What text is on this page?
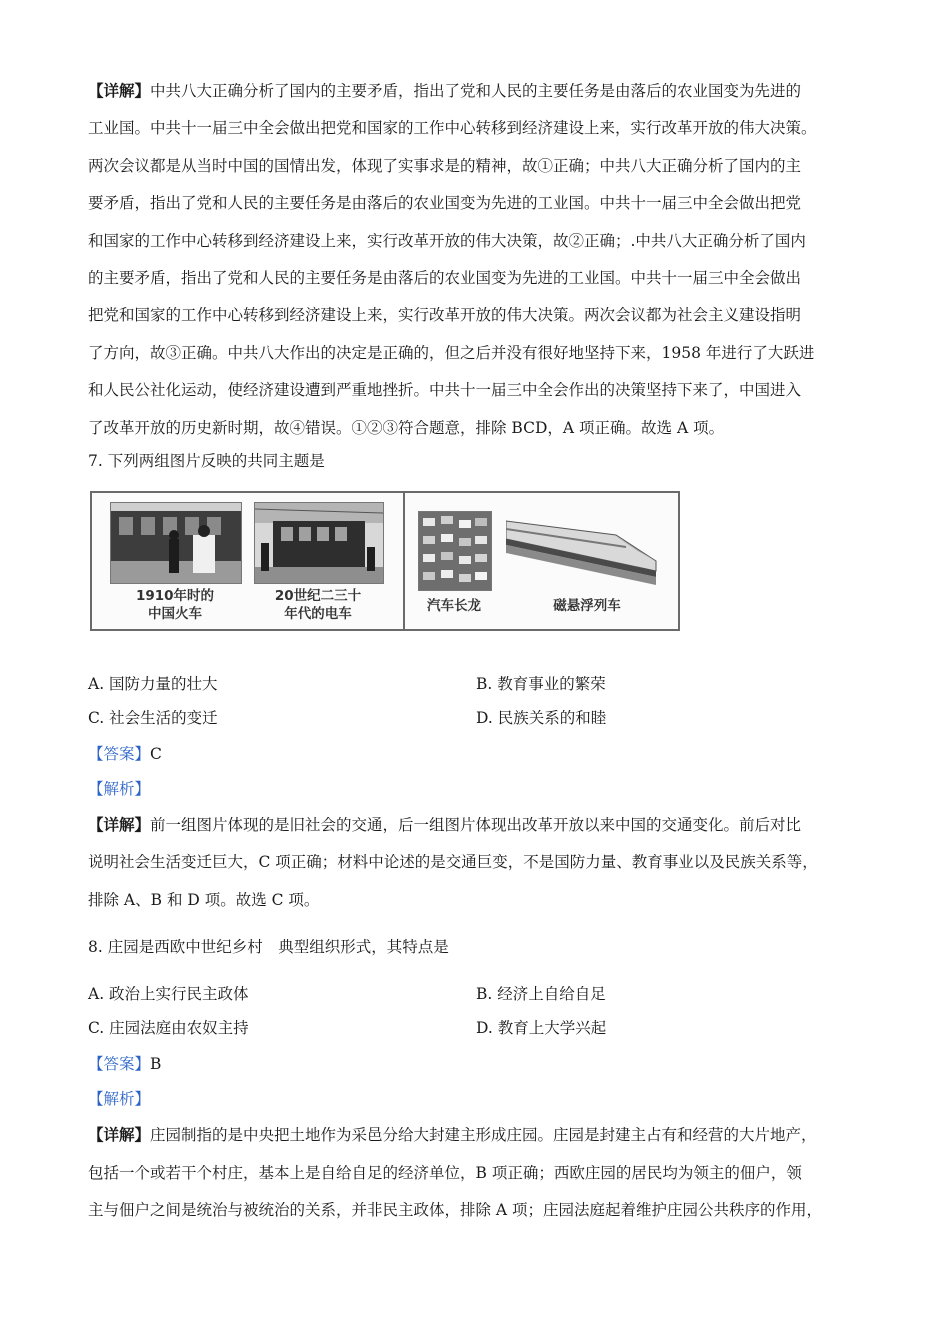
【详解】中共八大正确分析了国内的主要矛盾，指出了党和人民的主要任务是由落后的农业国变为先进的
工业国。中共十一届三中全会做出把党和国家的工作中心转移到经济建设上来，实行改革开放的伟大决策。
两次会议都是从当时中国的国情出发，体现了实事求是的精神，故①正确；中共八大正确分析了国内的主
要矛盾，指出了党和人民的主要任务是由落后的农业国变为先进的工业国。中共十一届三中全会做出把党
和国家的工作中心转移到经济建设上来，实行改革开放的伟大决策，故②正确；.中共八大正确分析了国内
的主要矛盾，指出了党和人民的主要任务是由落后的农业国变为先进的工业国。中共十一届三中全会做出
把党和国家的工作中心转移到经济建设上来，实行改革开放的伟大决策。两次会议都为社会主义建设指明
了方向，故③正确。中共八大作出的决定是正确的，但之后并没有很好地坚持下来，1958 年进行了大跃进
和人民公社化运动，使经济建设遭到严重地挫折。中共十一届三中全会作出的决策坚持下来了，中国进入
了改革开放的历史新时期，故④错误。①②③符合题意，排除 BCD，A 项正确。故选 A 项。

7. 下列两组图片反映的共同主题是

1910年时的
中国火车
20世纪二三十
年代的电车	汽车长龙	磁悬浮列车
A. 国防力量的壮大	B. 教育事业的繁荣
C. 社会生活的变迁	D. 民族关系的和睦

【答案】C

【解析】

【详解】前一组图片体现的是旧社会的交通，后一组图片体现出改革开放以来中国的交通变化。前后对比
说明社会生活变迁巨大，C 项正确；材料中论述的是交通巨变，不是国防力量、教育事业以及民族关系等，
排除 A、B 和 D 项。故选 C 项。

8. 庄园是西欧中世纪乡村　典型组织形式，其特点是

A. 政治上实行民主政体	B. 经济上自给自足
C. 庄园法庭由农奴主持	D. 教育上大学兴起

【答案】B

【解析】

【详解】庄园制指的是中央把土地作为采邑分给大封建主形成庄园。庄园是封建主占有和经营的大片地产，
包括一个或若干个村庄，基本上是自给自足的经济单位，B 项正确；西欧庄园的居民均为领主的佃户，领
主与佃户之间是统治与被统治的关系，并非民主政体，排除 A 项；庄园法庭起着维护庄园公共秩序的作用，
